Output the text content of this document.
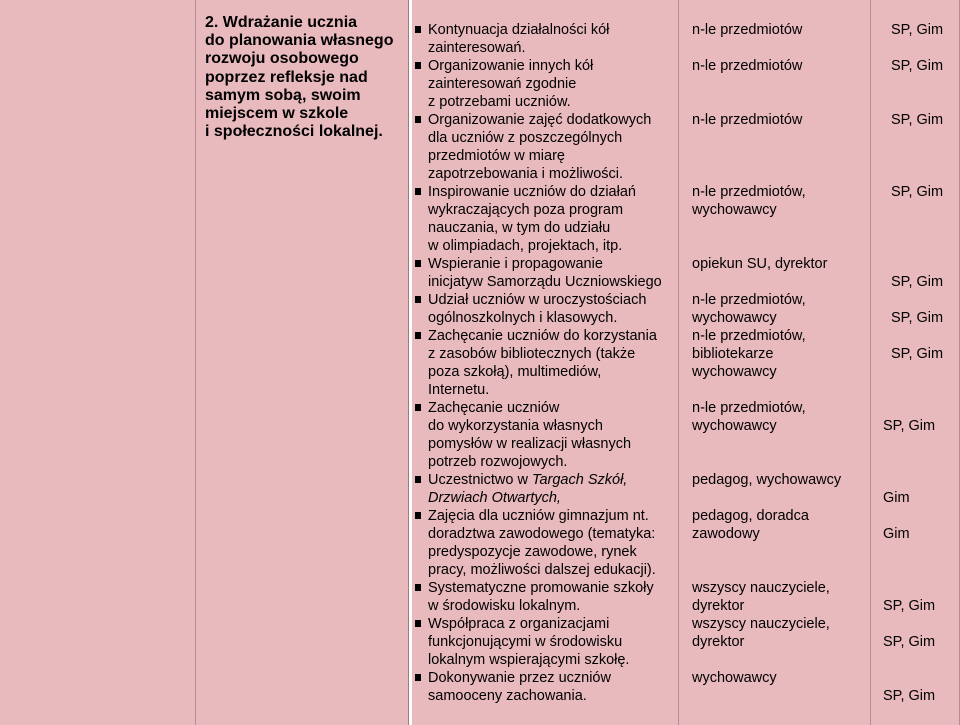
2. Wdrażanie ucznia
do planowania własnego
rozwoju osobowego
poprzez refleksje nad
samym sobą, swoim
miejscem w szkole
i społeczności lokalnej.
Kontynuacja działalności kół
zainteresowań.
Organizowanie innych kół
zainteresowań zgodnie
z potrzebami uczniów.
Organizowanie zajęć dodatkowych
dla uczniów z poszczególnych
przedmiotów w miarę
zapotrzebowania i możliwości.
Inspirowanie uczniów do działań
wykraczających poza program
nauczania, w tym do udziału
w olimpiadach, projektach, itp.
Wspieranie i propagowanie
inicjatyw Samorządu Uczniowskiego
Udział uczniów w uroczystościach
ogólnoszkolnych i klasowych.
Zachęcanie uczniów do korzystania
z zasobów bibliotecznych (także
poza szkołą), multimediów,
Internetu.
Zachęcanie uczniów
do wykorzystania własnych
pomysłów w realizacji własnych
potrzeb rozwojowych.
Uczestnictwo w Targach Szkół,
Drzwiach Otwartych,
Zajęcia dla uczniów gimnazjum nt.
doradztwa zawodowego (tematyka:
predyspozycje zawodowe, rynek
pracy, możliwości dalszej edukacji).
Systematyczne promowanie szkoły
w środowisku lokalnym.
Współpraca z organizacjami
funkcjonującymi w środowisku
lokalnym wspierającymi szkołę.
Dokonywanie przez uczniów
samooceny zachowania.
n-le przedmiotów
n-le przedmiotów
n-le przedmiotów
n-le przedmiotów,
wychowawcy
opiekun SU, dyrektor
n-le przedmiotów,
wychowawcy
n-le przedmiotów,
bibliotekarze
wychowawcy
n-le przedmiotów,
wychowawcy
pedagog, wychowawcy
pedagog, doradca
zawodowy
wszyscy nauczyciele,
dyrektor
wszyscy nauczyciele,
dyrektor
wychowawcy
SP, Gim
SP, Gim
SP, Gim
SP, Gim
SP, Gim
SP, Gim
SP, Gim
SP, Gim
Gim
Gim
SP, Gim
SP, Gim
SP, Gim
